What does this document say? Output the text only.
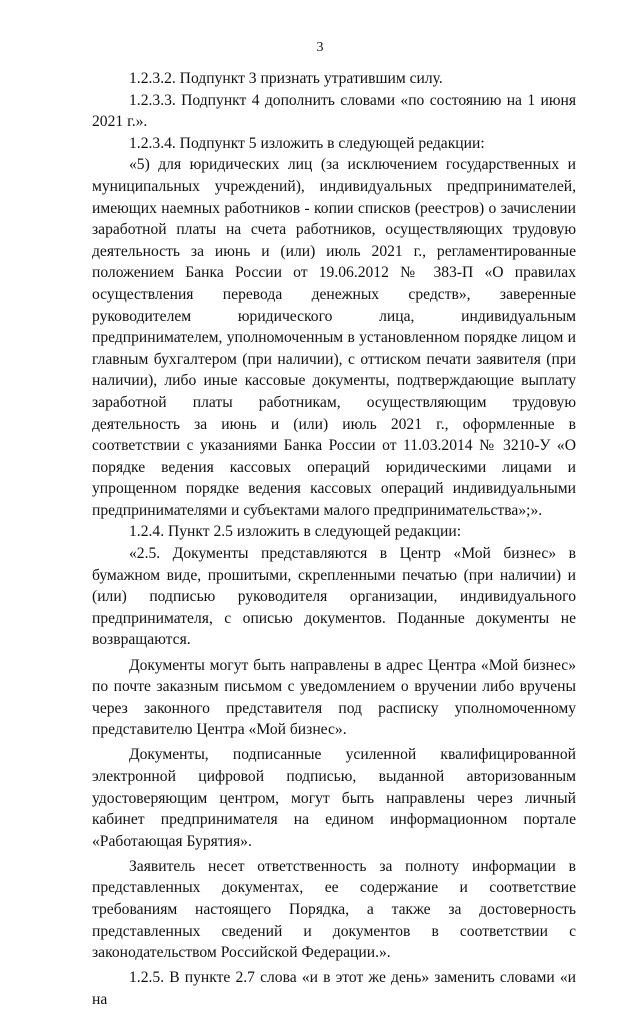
3

1.2.3.2. Подпункт 3 признать утратившим силу.

1.2.3.3. Подпункт 4 дополнить словами «по состоянию на 1 июня 2021 г.».

1.2.3.4. Подпункт 5 изложить в следующей редакции:

«5) для юридических лиц (за исключением государственных и муниципальных учреждений), индивидуальных предпринимателей, имеющих наемных работников - копии списков (реестров) о зачислении заработной платы на счета работников, осуществляющих трудовую деятельность за июнь и (или) июль 2021 г., регламентированные положением Банка России от 19.06.2012 № 383-П «О правилах осуществления перевода денежных средств», заверенные руководителем юридического лица, индивидуальным предпринимателем, уполномоченным в установленном порядке лицом и главным бухгалтером (при наличии), с оттиском печати заявителя (при наличии), либо иные кассовые документы, подтверждающие выплату заработной платы работникам, осуществляющим трудовую деятельность за июнь и (или) июль 2021 г., оформленные в соответствии с указаниями Банка России от 11.03.2014 № 3210-У «О порядке ведения кассовых операций юридическими лицами и упрощенном порядке ведения кассовых операций индивидуальными предпринимателями и субъектами малого предпринимательства»;».

1.2.4. Пункт 2.5 изложить в следующей редакции:

«2.5. Документы представляются в Центр «Мой бизнес» в бумажном виде, прошитыми, скрепленными печатью (при наличии) и (или) подписью руководителя организации, индивидуального предпринимателя, с описью документов. Поданные документы не возвращаются.

Документы могут быть направлены в адрес Центра «Мой бизнес» по почте заказным письмом с уведомлением о вручении либо вручены через законного представителя под расписку уполномоченному представителю Центра «Мой бизнес».

Документы, подписанные усиленной квалифицированной электронной цифровой подписью, выданной авторизованным удостоверяющим центром, могут быть направлены через личный кабинет предпринимателя на едином информационном портале «Работающая Бурятия».

Заявитель несет ответственность за полноту информации в представленных документах, ее содержание и соответствие требованиям настоящего Порядка, а также за достоверность представленных сведений и документов в соответствии с законодательством Российской Федерации.».

1.2.5. В пункте 2.7 слова «и в этот же день» заменить словами «и на
